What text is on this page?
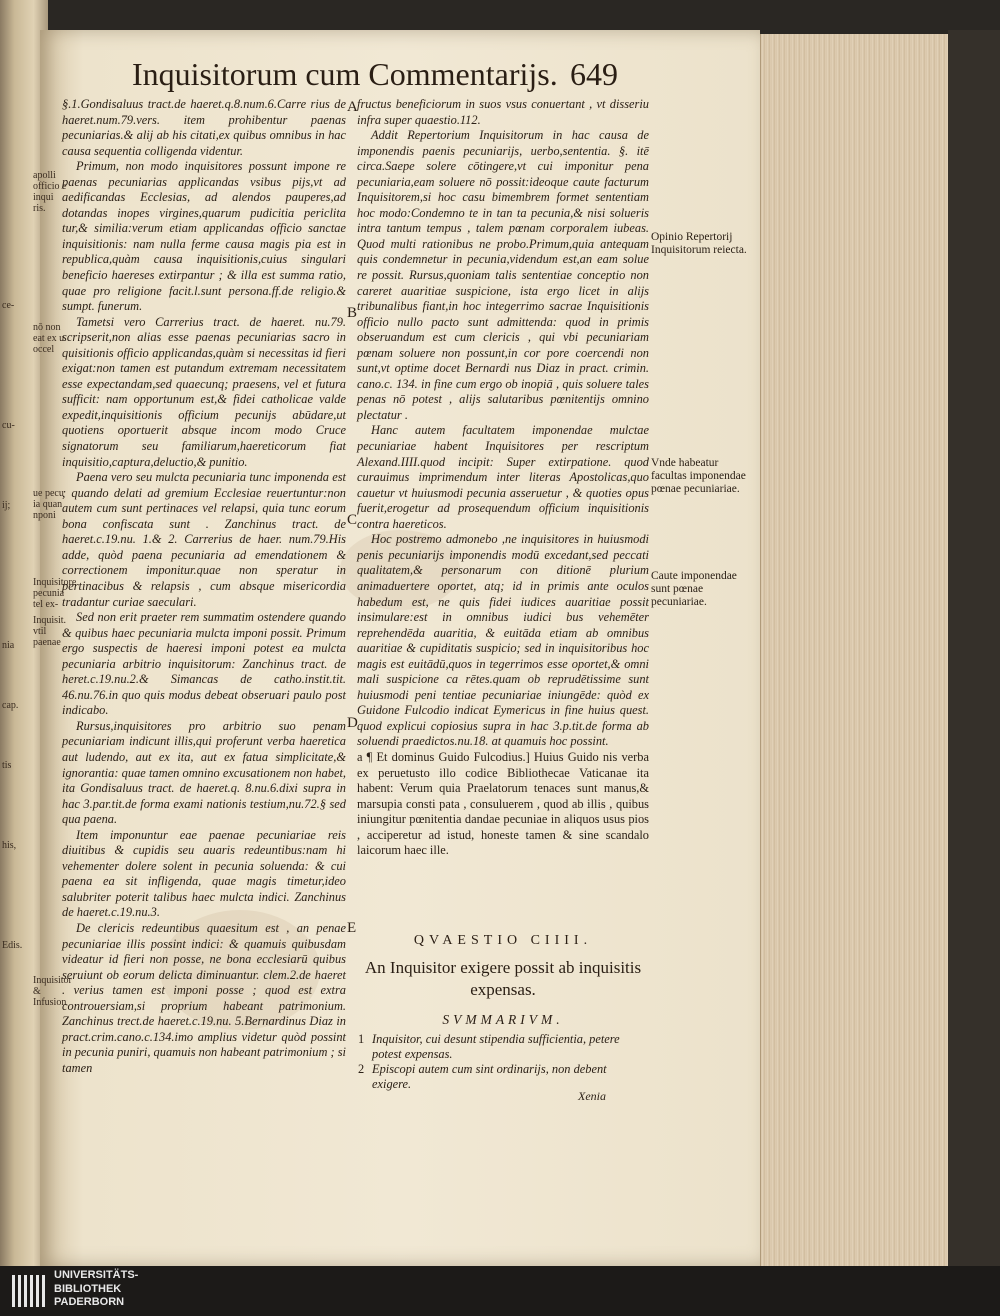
ce-
cu-
ij;
nia
cap.
tis
his,
Edis.
Inquisitorum cum Commentarijs. 649
apolli officio e inqui ris.
nō non eat ex u occel
ue pecu ia quan nponi
Inquisitore pecunia tel ex-
Inquisit. vtil paenae
Inquisitor & Infusion

§.1.Gondisaluus tract.de haeret.q.8.num.6.Carre rius de haeret.num.79.vers. item prohibentur paenas pecuniarias.& alij ab his citati,ex quibus omnibus in hac causa sequentia colligenda videntur.

Primum, non modo inquisitores possunt impone re paenas pecuniarias applicandas vsibus pijs,vt ad aedificandas Ecclesias, ad alendos pauperes,ad dotandas inopes virgines,quarum pudicitia periclita tur,& similia:verum etiam applicandas officio sanctae inquisitionis: nam nulla ferme causa magis pia est in republica,quàm causa inquisitionis,cuius singulari beneficio haereses extirpantur ; & illa est summa ratio, quae pro religione facit.l.sunt persona.ff.de religio.& sumpt. funerum.

Tametsi vero Carrerius tract. de haeret. nu.79. scripserit,non alias esse paenas pecuniarias sacro in quisitionis officio applicandas,quàm si necessitas id fieri exigat:non tamen est putandum extremam necessitatem esse expectandam,sed quaecunq; praesens, vel et futura sufficit: nam opportunum est,& fidei catholicae valde expedit,inquisitionis officium pecunijs abūdare,ut quotiens oportuerit absque incom modo Cruce signatorum seu familiarum,haereticorum fiat inquisitio,captura,deluctio,& punitio.

Paena vero seu mulcta pecuniaria tunc imponenda est ; quando delati ad gremium Ecclesiae reuertuntur:non autem cum sunt pertinaces vel relapsi, quia tunc eorum bona confiscata sunt . Zanchinus tract. de haeret.c.19.nu. 1.& 2. Carrerius de haer. num.79.His adde, quòd paena pecuniaria ad emendationem & correctionem imponitur.quae non speratur in pertinacibus & relapsis , cum absque misericordia tradantur curiae saeculari.

Sed non erit praeter rem summatim ostendere quando & quibus haec pecuniaria mulcta imponi possit. Primum ergo suspectis de haeresi imponi potest ea mulcta pecuniaria arbitrio inquisitorum: Zanchinus tract. de heret.c.19.nu.2.& Simancas de catho.instit.tit. 46.nu.76.in quo quis modus debeat obseruari paulo post indicabo.

Rursus,inquisitores pro arbitrio suo penam pecuniariam indicunt illis,qui proferunt verba haeretica aut ludendo, aut ex ita, aut ex fatua simplicitate,& ignorantia: quae tamen omnino excusationem non habet, ita Gondisaluus tract. de haeret.q. 8.nu.6.dixi supra in hac 3.par.tit.de forma exami nationis testium,nu.72.§ sed qua paena.

Item imponuntur eae paenae pecuniariae reis diuitibus & cupidis seu auaris redeuntibus:nam hi vehementer dolere solent in pecunia soluenda: & cui paena ea sit infligenda, quae magis timetur,ideo salubriter poterit talibus haec mulcta indici. Zanchinus de haeret.c.19.nu.3.

De clericis redeuntibus quaesitum est , an penae pecuniariae illis possint indici: & quamuis quibusdam videatur id fieri non posse, ne bona ecclesiarū quibus seruiunt ob eorum delicta diminuantur. clem.2.de haeret . verius tamen est imponi posse ; quod est extra controuersiam,si proprium habeant patrimonium. Zanchinus trect.de haeret.c.19.nu. 5.Bernardinus Diaz in pract.crim.cano.c.134.imo amplius videtur quòd possint in pecunia puniri, quamuis non habeant patrimonium ; si tamen

A
B
C
D
E

fructus beneficiorum in suos vsus conuertant , vt disseriu infra super quaestio.112.

Addit Repertorium Inquisitorum in hac causa de imponendis paenis pecuniarijs, uerbo,sententia. §. itē circa.Saepe solere cōtingere,vt cui imponitur pena pecuniaria,eam soluere nō possit:ideoque caute facturum Inquisitorem,si hoc casu bimembrem formet sententiam hoc modo:Condemno te in tan ta pecunia,& nisi solueris intra tantum tempus , talem pœnam corporalem iubeas. Quod multi rationibus ne probo.Primum,quia antequam quis condemnetur in pecunia,videndum est,an eam solue re possit. Rursus,quoniam talis sententiae conceptio non careret auaritiae suspicione, ista ergo licet in alijs tribunalibus fiant,in hoc integerrimo sacrae Inquisitionis officio nullo pacto sunt admittenda: quod in primis obseruandum est cum clericis , qui vbi pecuniariam pœnam soluere non possunt,in cor pore coercendi non sunt,vt optime docet Bernardi nus Diaz in pract. crimin. cano.c. 134. in fine cum ergo ob inopiā , quis soluere tales penas nō potest , alijs salutaribus pœnitentijs omnino plectatur .

Hanc autem facultatem imponendae mulctae pecuniariae habent Inquisitores per rescriptum Alexand.IIII.quod incipit: Super extirpatione. quod curauimus imprimendum inter literas Apostolicas,quo cauetur vt huiusmodi pecunia asseruetur , & quoties opus fuerit,erogetur ad prosequendum officium inquisitionis contra haereticos.

Hoc postremo admonebo ,ne inquisitores in huiusmodi penis pecuniarijs imponendis modū excedant,sed peccati qualitatem,& personarum con ditionē plurium animaduertere oportet, atq; id in primis ante oculos habedum est, ne quis fidei iudices auaritiae possit insimulare:est in omnibus iudici bus vehemēter reprehendēda auaritia, & euitāda etiam ab omnibus auaritiae & cupiditatis suspicio; sed in inquisitoribus hoc magis est euitādū,quos in tegerrimos esse oportet,& omni mali suspicione ca rētes.quam ob reprudētissime sunt huiusmodi peni tentiae pecuniariae iniungēde: quòd ex Guidone Fulcodio indicat Eymericus in fine huius quest. quod explicui copiosius supra in hac 3.p.tit.de forma ab soluendi praedictos.nu.18. at quamuis hoc possint.

a ¶ Et dominus Guido Fulcodius.] Huius Guido nis verba ex peruetusto illo codice Bibliothecae Vaticanae ita habent: Verum quia Praelatorum tenaces sunt manus,& marsupia consti pata , consuluerem , quod ab illis , quibus iniungitur pœnitentia dandae pecuniae in aliquos usus pios , acciperetur ad istud, honeste tamen & sine scandalo laicorum haec ille.

Opinio Repertorij Inquisitorum reiecta.
Vnde habeatur facultas imponendae pœnae pecuniariae.
Caute imponendae sunt pœnae pecuniariae.
QVAESTIO CIIII.
An Inquisitor exigere possit ab inquisitis expensas.
SVMMARIVM.
1 Inquisitor, cui desunt stipendia sufficientia, petere potest expensas.
2 Episcopi autem cum sint ordinarijs, non debent exigere.
Xenia
UNIVERSITÄTS-
BIBLIOTHEK
PADERBORN
